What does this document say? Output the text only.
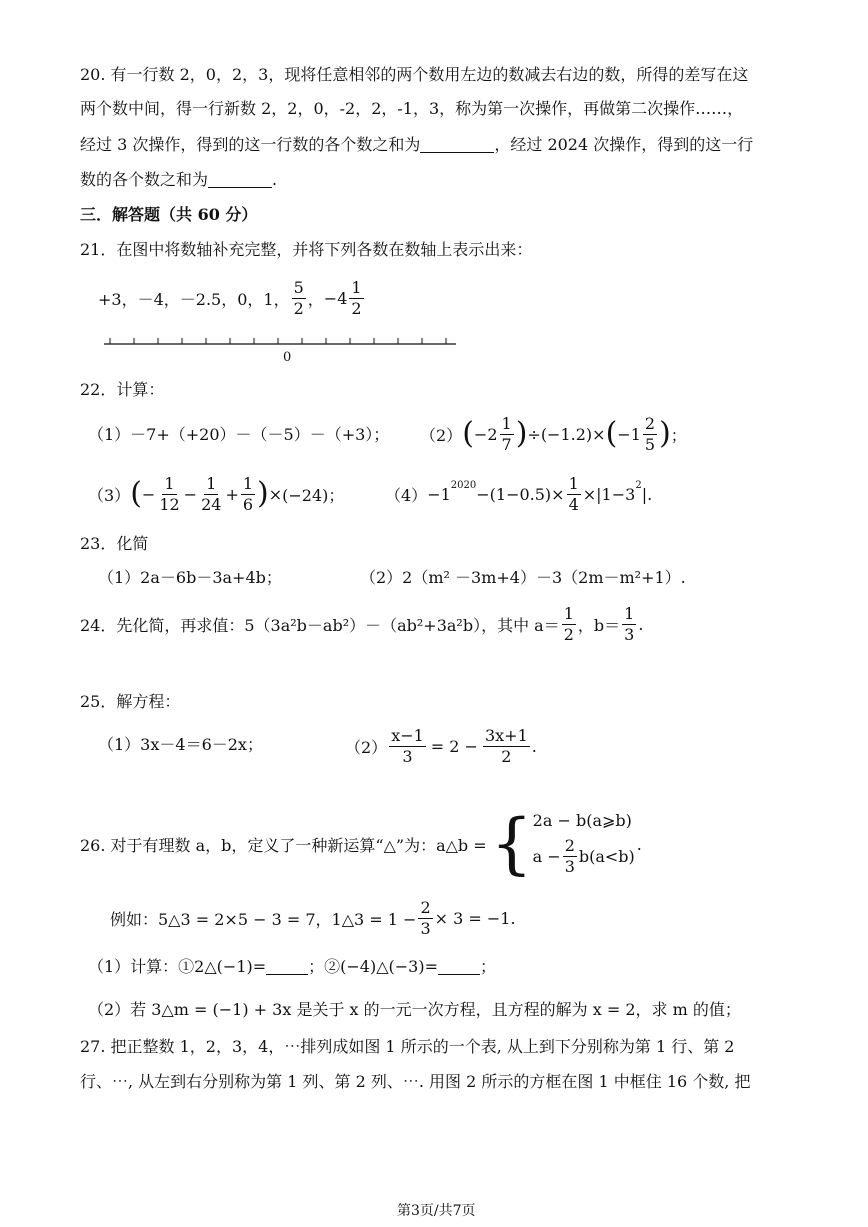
20. 有一行数 2，0，2，3，现将任意相邻的两个数用左边的数减去右边的数，所得的差写在这
两个数中间，得一行新数 2，2，0，-2，2，-1，3，称为第一次操作，再做第二次操作……，
经过 3 次操作，得到的这一行数的各个数之和为	，经过 2024 次操作，得到的这一行
数的各个数之和为	.
三．解答题（共 60 分）
21．在图中将数轴补充完整，并将下列各数在数轴上表示出来：
+3，－4，－2.5，0，1， $\frac{5}{2}$ ， $-4 \frac{1}{2}$
0
22．计算：
（1）－7+（+20）－（－5）－（+3）； （2） ( $-2 \frac{1}{7}$ ) ÷(−1.2)× ( $-1 \frac{2}{5}$ ) ；
（3） ( − $\frac{1}{12} - \frac{1}{24} + \frac{1}{6}$ ) × (−24)；	$(4) -1^{2020} -(1-0.5)\times \frac{1}{4} \times|1-3^2$ |.
23．化简
（1）2a－6b－3a+4b；	（2）2（m² －3m+4）－3（2m－m²+1）.
24．先化简，再求值：5（3a²b－ab²）－（ab²+3a²b），其中 $a= \frac{1}{2}$ ，$b= \frac{1}{3}$ .
25．解方程：
（1）3x－4＝6－2x；	$(2) \frac{x-1}{3} = 2 - \frac{3x+1}{2}$ .
26. 对于有理数 a，b，定义了一种新运算“△”为：a△b = { 2a − b(a⩾b)
$a - \frac{2}{3} b(a<b)$
.
例如：5△3 = 2×5 − 3 = 7，1△3 = $1 - \frac{2}{3} \times 3 = -1$.
（1）计算：①2△(−1)=	；②(−4)△(−3)=	；
（2）若 3△m = (−1) + 3x 是关于 x 的一元一次方程，且方程的解为 x = 2，求 m 的值；
27. 把正整数 1，2，3，4，⋯排列成如图 1 所示的一个表, 从上到下分别称为第 1 行、第 2
行、⋯, 从左到右分别称为第 1 列、第 2 列、⋯. 用图 2 所示的方框在图 1 中框住 16 个数, 把
第3页/共7页
